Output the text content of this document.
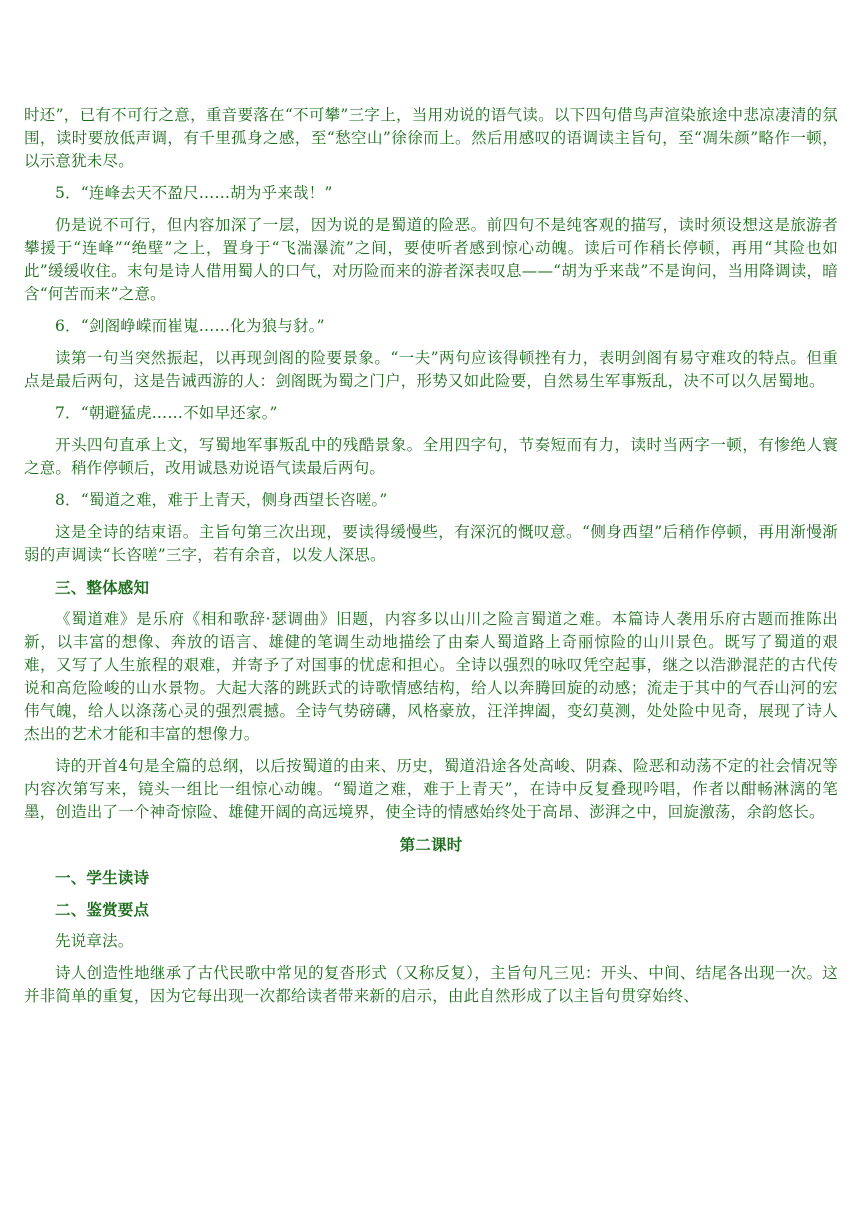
时还”，已有不可行之意，重音要落在“不可攀”三字上，当用劝说的语气读。以下四句借鸟声渲染旅途中悲凉凄清的氛围，读时要放低声调，有千里孤身之感，至“愁空山”徐徐而上。然后用感叹的语调读主旨句，至“凋朱颜”略作一顿，以示意犹未尽。

5．“连峰去天不盈尺……胡为乎来哉！”

仍是说不可行，但内容加深了一层，因为说的是蜀道的险恶。前四句不是纯客观的描写，读时须设想这是旅游者攀援于“连峰”“绝壁”之上，置身于“飞湍瀑流”之间，要使听者感到惊心动魄。读后可作稍长停顿，再用“其险也如此”缓缓收住。末句是诗人借用蜀人的口气，对历险而来的游者深表叹息——“胡为乎来哉”不是询问，当用降调读，暗含“何苦而来”之意。

6．“剑阁峥嵘而崔嵬……化为狼与豺。”

读第一句当突然振起，以再现剑阁的险要景象。“一夫”两句应该得顿挫有力，表明剑阁有易守难攻的特点。但重点是最后两句，这是告诫西游的人：剑阁既为蜀之门户，形势又如此险要，自然易生军事叛乱，决不可以久居蜀地。

7．“朝避猛虎……不如早还家。”

开头四句直承上文，写蜀地军事叛乱中的残酷景象。全用四字句，节奏短而有力，读时当两字一顿，有惨绝人寰之意。稍作停顿后，改用诚恳劝说语气读最后两句。

8．“蜀道之难，难于上青天，侧身西望长咨嗟。”

这是全诗的结束语。主旨句第三次出现，要读得缓慢些，有深沉的慨叹意。“侧身西望”后稍作停顿，再用渐慢渐弱的声调读“长咨嗟”三字，若有余音，以发人深思。

三、整体感知

《蜀道难》是乐府《相和歌辞·瑟调曲》旧题，内容多以山川之险言蜀道之难。本篇诗人袭用乐府古题而推陈出新，以丰富的想像、奔放的语言、雄健的笔调生动地描绘了由秦人蜀道路上奇丽惊险的山川景色。既写了蜀道的艰难，又写了人生旅程的艰难，并寄予了对国事的忧虑和担心。全诗以强烈的咏叹凭空起事，继之以浩渺混茫的古代传说和高危险峻的山水景物。大起大落的跳跃式的诗歌情感结构，给人以奔腾回旋的动感；流走于其中的气吞山河的宏伟气魄，给人以涤荡心灵的强烈震撼。全诗气势磅礴，风格豪放，汪洋捭阖，变幻莫测，处处险中见奇，展现了诗人杰出的艺术才能和丰富的想像力。

诗的开首4句是全篇的总纲，以后按蜀道的由来、历史，蜀道沿途各处高峻、阴森、险恶和动荡不定的社会情况等内容次第写来，镜头一组比一组惊心动魄。“蜀道之难，难于上青天”，在诗中反复叠现吟唱，作者以酣畅淋漓的笔墨，创造出了一个神奇惊险、雄健开阔的高远境界，使全诗的情感始终处于高昂、澎湃之中，回旋激荡，余韵悠长。

第二课时

一、学生读诗

二、鉴赏要点

先说章法。

诗人创造性地继承了古代民歌中常见的复沓形式（又称反复），主旨句凡三见：开头、中间、结尾各出现一次。这并非简单的重复，因为它每出现一次都给读者带来新的启示，由此自然形成了以主旨句贯穿始终、
